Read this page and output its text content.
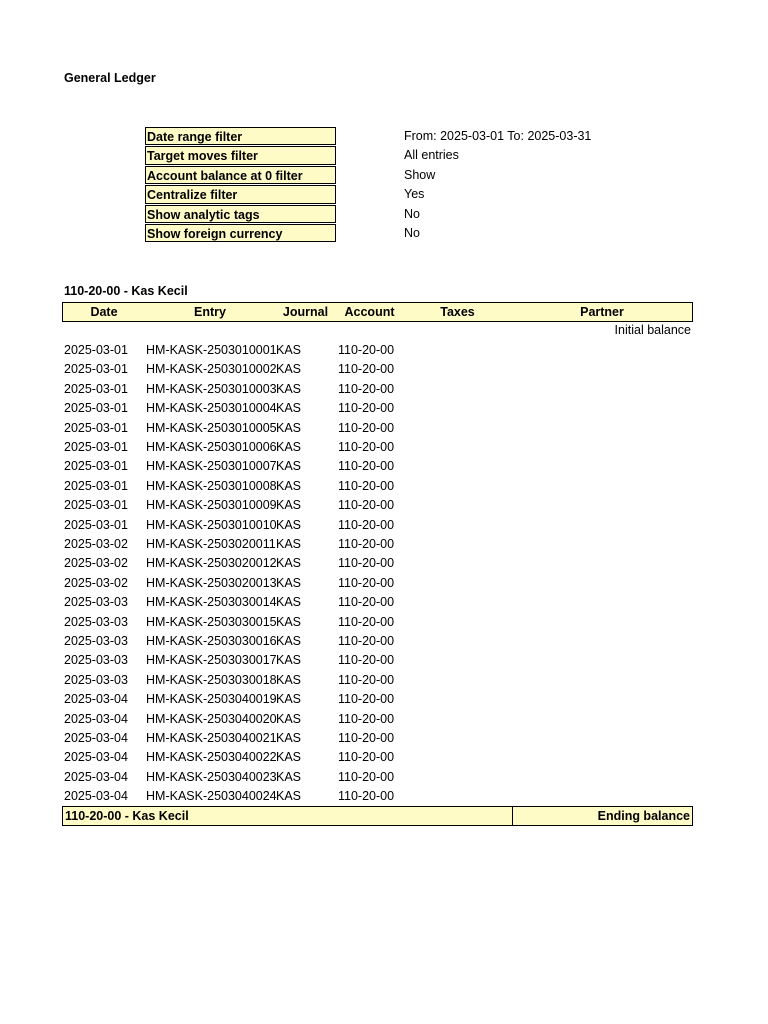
General Ledger
Date range filter	From: 2025-03-01 To: 2025-03-31
Target moves filter	All entries
Account balance at 0 filter	Show
Centralize filter	Yes
Show analytic tags	No
Show foreign currency	No
110-20-00 - Kas Kecil
Date	Entry	Journal	Account	Taxes	Partner
Initial balance
2025-03-01 HM-KASK-2503010001 KAS	110-20-00
2025-03-01 HM-KASK-2503010002 KAS	110-20-00
2025-03-01 HM-KASK-2503010003 KAS	110-20-00
2025-03-01 HM-KASK-2503010004 KAS	110-20-00
2025-03-01 HM-KASK-2503010005 KAS	110-20-00
2025-03-01 HM-KASK-2503010006 KAS	110-20-00
2025-03-01 HM-KASK-2503010007 KAS	110-20-00
2025-03-01 HM-KASK-2503010008 KAS	110-20-00
2025-03-01 HM-KASK-2503010009 KAS	110-20-00
2025-03-01 HM-KASK-2503010010 KAS	110-20-00
2025-03-02 HM-KASK-2503020011 KAS	110-20-00
2025-03-02 HM-KASK-2503020012 KAS	110-20-00
2025-03-02 HM-KASK-2503020013 KAS	110-20-00
2025-03-03 HM-KASK-2503030014 KAS	110-20-00
2025-03-03 HM-KASK-2503030015 KAS	110-20-00
2025-03-03 HM-KASK-2503030016 KAS	110-20-00
2025-03-03 HM-KASK-2503030017 KAS	110-20-00
2025-03-03 HM-KASK-2503030018 KAS	110-20-00
2025-03-04 HM-KASK-2503040019 KAS	110-20-00
2025-03-04 HM-KASK-2503040020 KAS	110-20-00
2025-03-04 HM-KASK-2503040021 KAS	110-20-00
2025-03-04 HM-KASK-2503040022 KAS	110-20-00
2025-03-04 HM-KASK-2503040023 KAS	110-20-00
2025-03-04 HM-KASK-2503040024 KAS	110-20-00
110-20-00 - Kas Kecil	Ending balance
